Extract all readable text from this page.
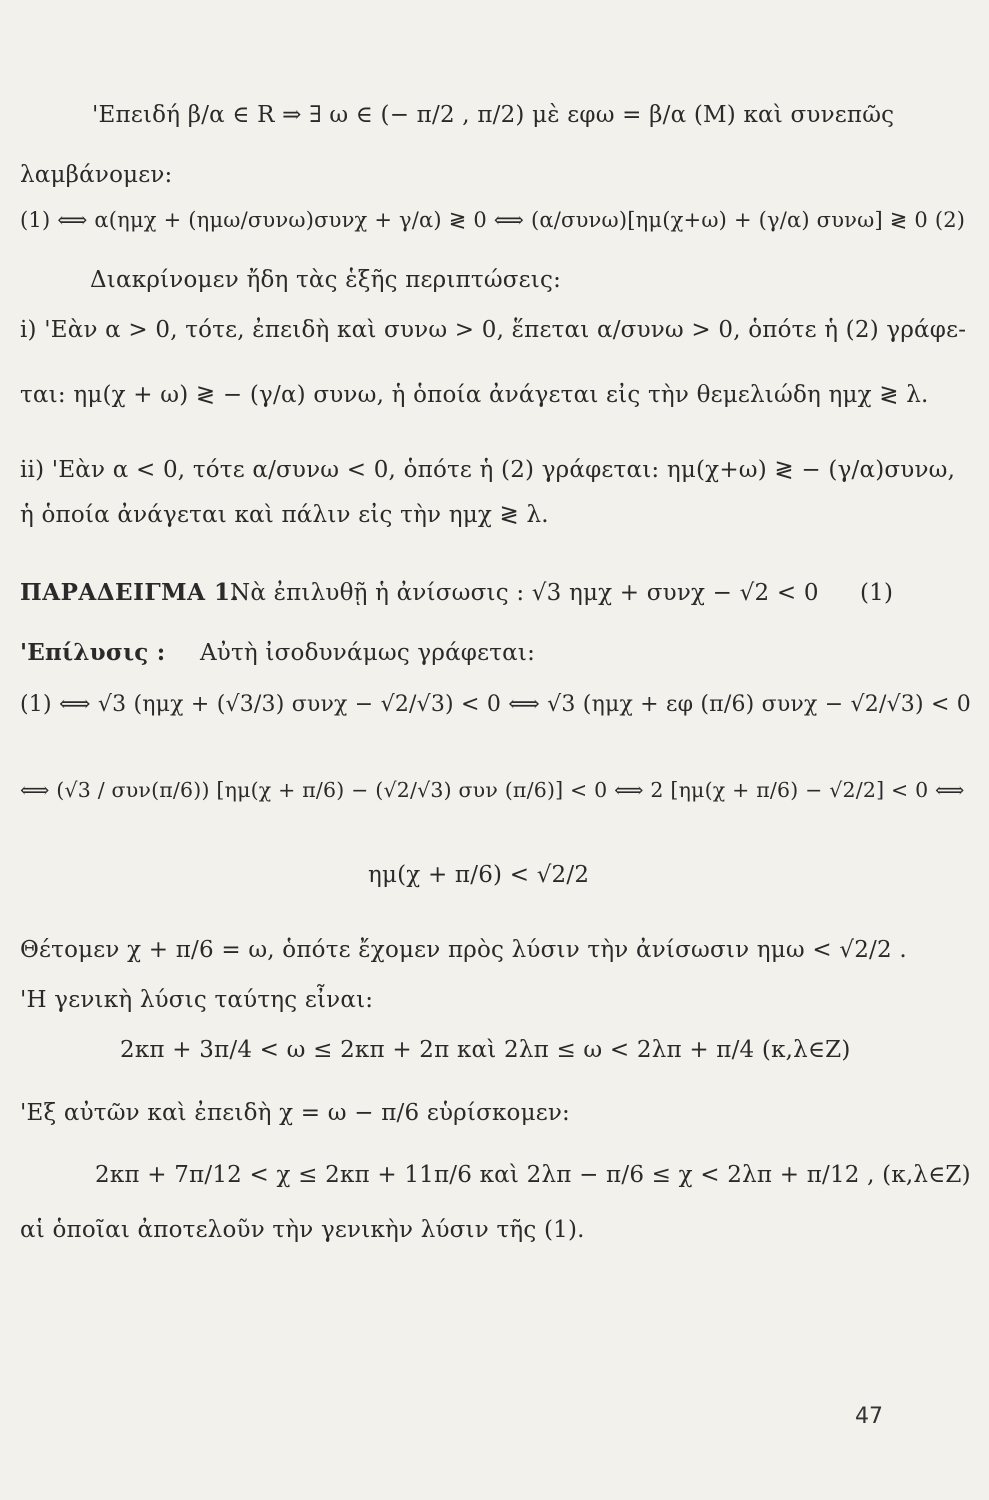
'Επειδή β/α ∈ R ⇒ ∃ ω ∈ (− π/2 , π/2) μὲ εφω = β/α (M) καὶ συνεπῶς
λαμβάνομεν:
(1) ⟺ α(ημχ + (ημω/συνω)συνχ + γ/α) ≷ 0 ⟺ (α/συνω)[ημ(χ+ω) + (γ/α) συνω] ≷ 0 (2)
Διακρίνομεν ἤδη τὰς ἑξῆς περιπτώσεις:
i) 'Εὰν α > 0, τότε, ἐπειδὴ καὶ συνω > 0, ἕπεται α/συνω > 0, ὁπότε ἡ (2) γράφε-
ται: ημ(χ + ω) ≷ − (γ/α) συνω, ἡ ὁποία ἀνάγεται εἰς τὴν θεμελιώδη ημχ ≷ λ.
ii) 'Εὰν α < 0, τότε α/συνω < 0, ὁπότε ἡ (2) γράφεται: ημ(χ+ω) ≷ − (γ/α)συνω,
ἡ ὁποία ἀνάγεται καὶ πάλιν εἰς τὴν ημχ ≷ λ.
ΠΑΡΑΔΕΙΓΜΑ 1.
Νὰ ἐπιλυθῇ ἡ ἀνίσωσις : √3 ημχ + συνχ − √2 < 0 (1)
'Επίλυσις : Αὐτὴ ἰσοδυνάμως γράφεται:
(1) ⟺ √3 (ημχ + (√3/3) συνχ − √2/√3) < 0 ⟺ √3 (ημχ + εφ (π/6) συνχ − √2/√3) < 0
⟺ (√3 / συν(π/6)) [ημ(χ + π/6) − (√2/√3) συν (π/6)] < 0 ⟺ 2 [ημ(χ + π/6) − √2/2] < 0 ⟺
ημ(χ + π/6) < √2/2
Θέτομεν χ + π/6 = ω, ὁπότε ἔχομεν πρὸς λύσιν τὴν ἀνίσωσιν ημω < √2/2 .
'Η γενικὴ λύσις ταύτης εἶναι:
2κπ + 3π/4 < ω ≤ 2κπ + 2π καὶ 2λπ ≤ ω < 2λπ + π/4 (κ,λ∈Z)
'Εξ αὐτῶν καὶ ἐπειδὴ χ = ω − π/6 εὑρίσκομεν:
2κπ + 7π/12 < χ ≤ 2κπ + 11π/6 καὶ 2λπ − π/6 ≤ χ < 2λπ + π/12 , (κ,λ∈Z)
αἱ ὁποῖαι ἀποτελοῦν τὴν γενικὴν λύσιν τῆς (1).
47
